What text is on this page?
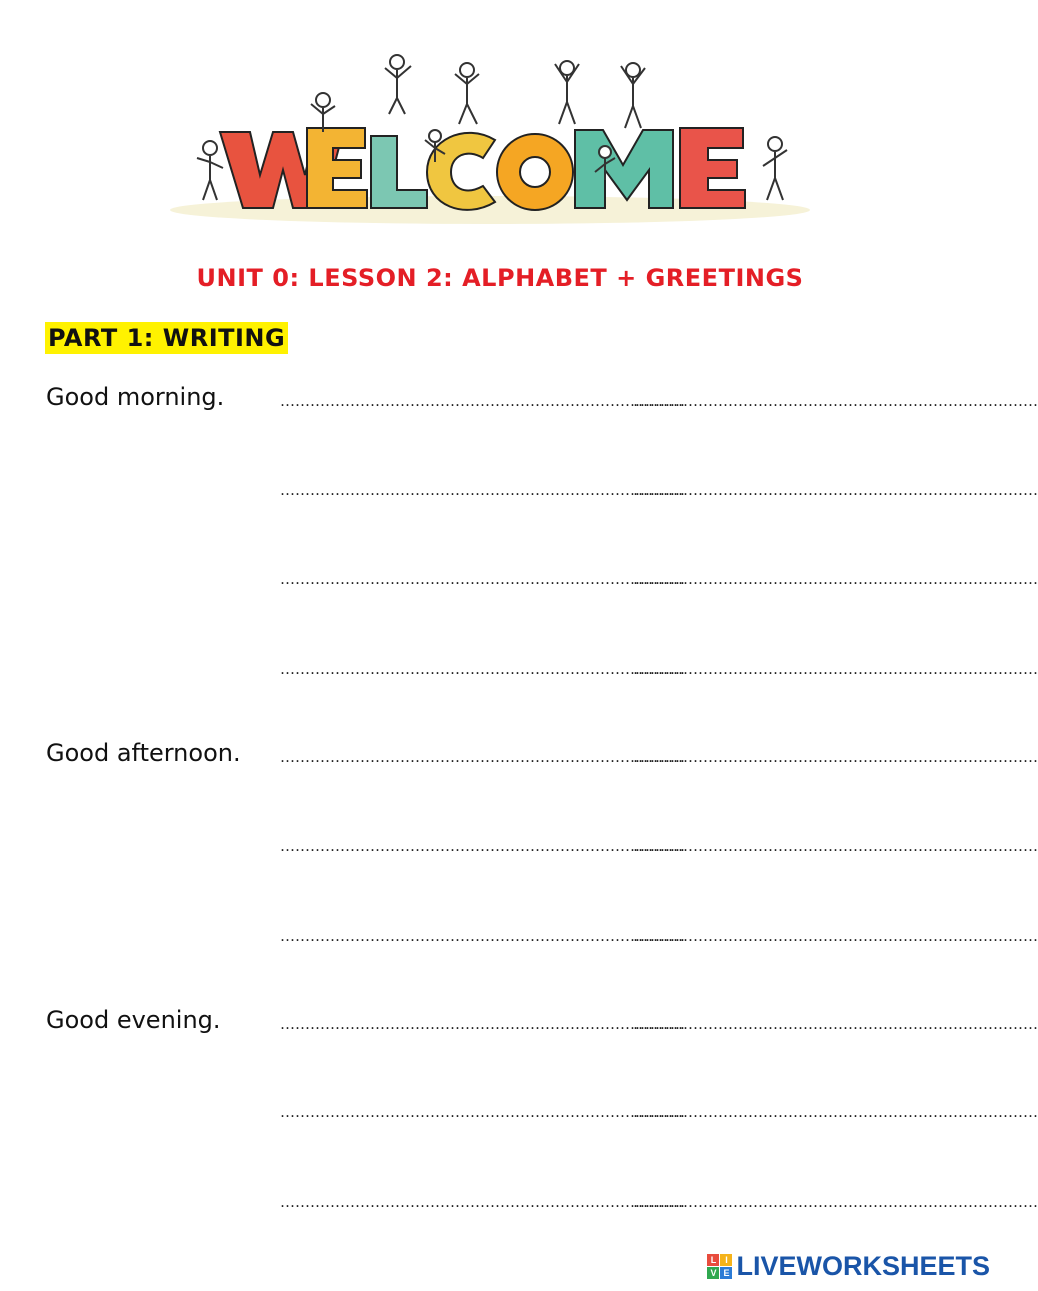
UNIT 0: LESSON 2: ALPHABET + GREETINGS
PART 1: WRITING
Good morning.	………………………………………………………………………
………………………………………………………………………
………………………………………………………………………
………………………………………………………………………
………………………………………………………………………
………………………………………………………………………
………………………………………………………………………
………………………………………………………………………
Good afternoon.	………………………………………………………………………
………………………………………………………………………
………………………………………………………………………
………………………………………………………………………
………………………………………………………………………
………………………………………………………………………
Good evening.	………………………………………………………………………
………………………………………………………………………
………………………………………………………………………
………………………………………………………………………
………………………………………………………………………
………………………………………………………………………
L I
V E LIVEWORKSHEETS
